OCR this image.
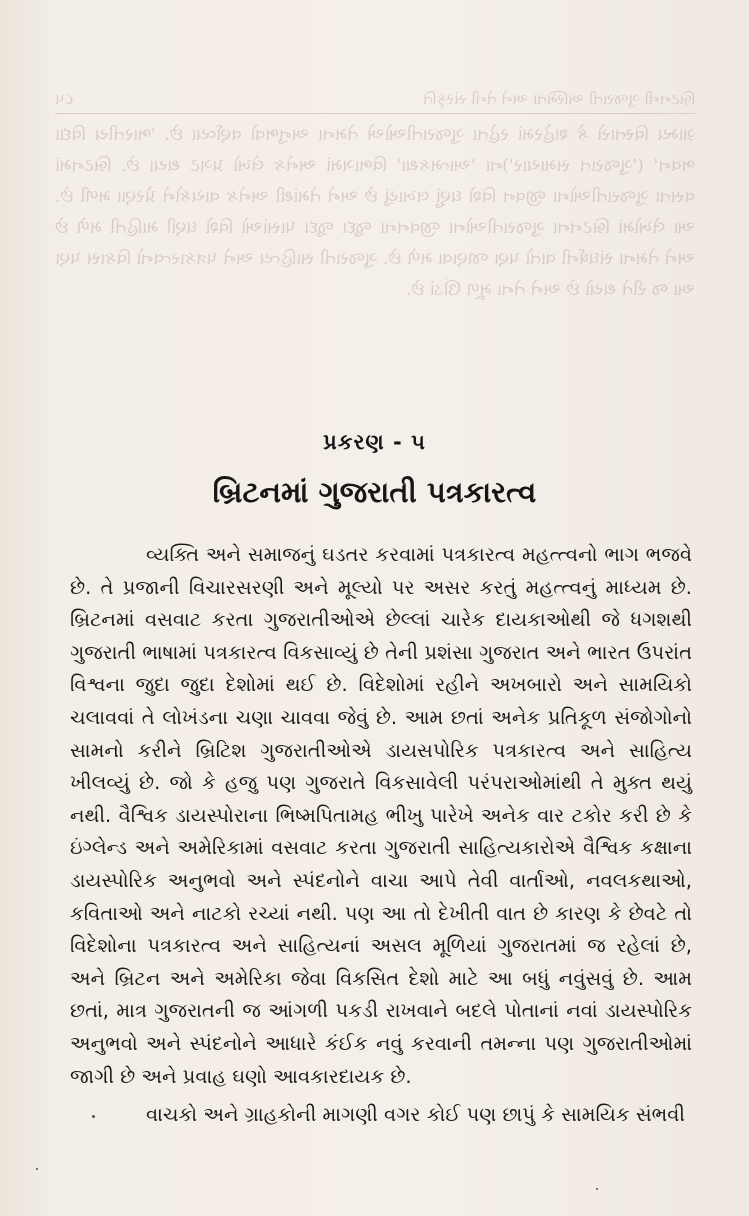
બ્રિટનની ગુજરાતી અસ્મિતા અને તેની સંસ્કૃતિ
૮૫
ગ્રામ્ય વિસ્તારો કે શહેરમાં રહેતા ગુજરાતીઓએ તેમના અનુભવો વર્ણવ્યા છે. 'ભારતીય વિદ્યા ભવન' ('ગુજરાત સમાચાર')ના 'આત્મકથા' વિભાગમાં અનેક લેખો પ્રગટ થયા છે. બ્રિટનમાં વસતા ગુજરાતીઓના જીવન વિશે ઘણું લખાયું છે અને તેમાંથી અનેક વાચકોને પ્રેરણા મળી છે. આ લેખોમાં બ્રિટનના ગુજરાતીઓના જીવનના જુદા જુદા પાસાંઓ વિશે ઘણી માહિતી મળે છે અને તેમના સંઘર્ષની વાતો પણ જાણવા મળે છે. ગુજરાતી સાહિત્ય અને પત્રકારત્વનો વિકાસ પણ આ જ રીતે થયો છે અને તેના મૂળ ઊંડાં છે.
પ્રકરણ - ૫
બ્રિટનમાં ગુજરાતી પત્રકારત્વ

વ્યક્તિ અને સમાજનું ઘડતર કરવામાં પત્રકારત્વ મહત્ત્વનો ભાગ ભજવે છે. તે પ્રજાની વિચારસરણી અને મૂલ્યો પર અસર કરતું મહત્ત્વનું માધ્યમ છે. બ્રિટનમાં વસવાટ કરતા ગુજરાતીઓએ છેલ્લાં ચારેક દાયકાઓથી જે ધગશથી ગુજરાતી ભાષામાં પત્રકારત્વ વિકસાવ્યું છે તેની પ્રશંસા ગુજરાત અને ભારત ઉપરાંત વિશ્વના જુદા જુદા દેશોમાં થઈ છે. વિદેશોમાં રહીને અખબારો અને સામયિકો ચલાવવાં તે લોખંડના ચણા ચાવવા જેવું છે. આમ છતાં અનેક પ્રતિકૂળ સંજોગોનો સામનો કરીને બ્રિટિશ ગુજરાતીઓએ ડાયસપોરિક પત્રકારત્વ અને સાહિત્ય ખીલવ્યું છે. જો કે હજુ પણ ગુજરાતે વિકસાવેલી પરંપરાઓમાંથી તે મુક્ત થયું નથી. વૈશ્વિક ડાયસ્પોરાના ભિષ્મપિતામહ ભીખુ પારેખે અનેક વાર ટકોર કરી છે કે ઇંગ્લેન્ડ અને અમેરિકામાં વસવાટ કરતા ગુજરાતી સાહિત્યકારોએ વૈશ્વિક કક્ષાના ડાયસ્પોરિક અનુભવો અને સ્પંદનોને વાચા આપે તેવી વાર્તાઓ, નવલકથાઓ, કવિતાઓ અને નાટકો રચ્યાં નથી. પણ આ તો દેખીતી વાત છે કારણ કે છેવટે તો વિદેશોના પત્રકારત્વ અને સાહિત્યનાં અસલ મૂળિયાં ગુજરાતમાં જ રહેલાં છે, અને બ્રિટન અને અમેરિકા જેવા વિકસિત દેશો માટે આ બધું નવુંસવું છે. આમ છતાં, માત્ર ગુજરાતની જ આંગળી પકડી રાખવાને બદલે પોતાનાં નવાં ડાયસ્પોરિક અનુભવો અને સ્પંદનોને આધારે કંઈક નવું કરવાની તમન્ના પણ ગુજરાતીઓમાં જાગી છે અને પ્રવાહ ઘણો આવકારદાયક છે.

વાચકો અને ગ્રાહકોની માગણી વગર કોઈ પણ છાપું કે સામયિક સંભવી
